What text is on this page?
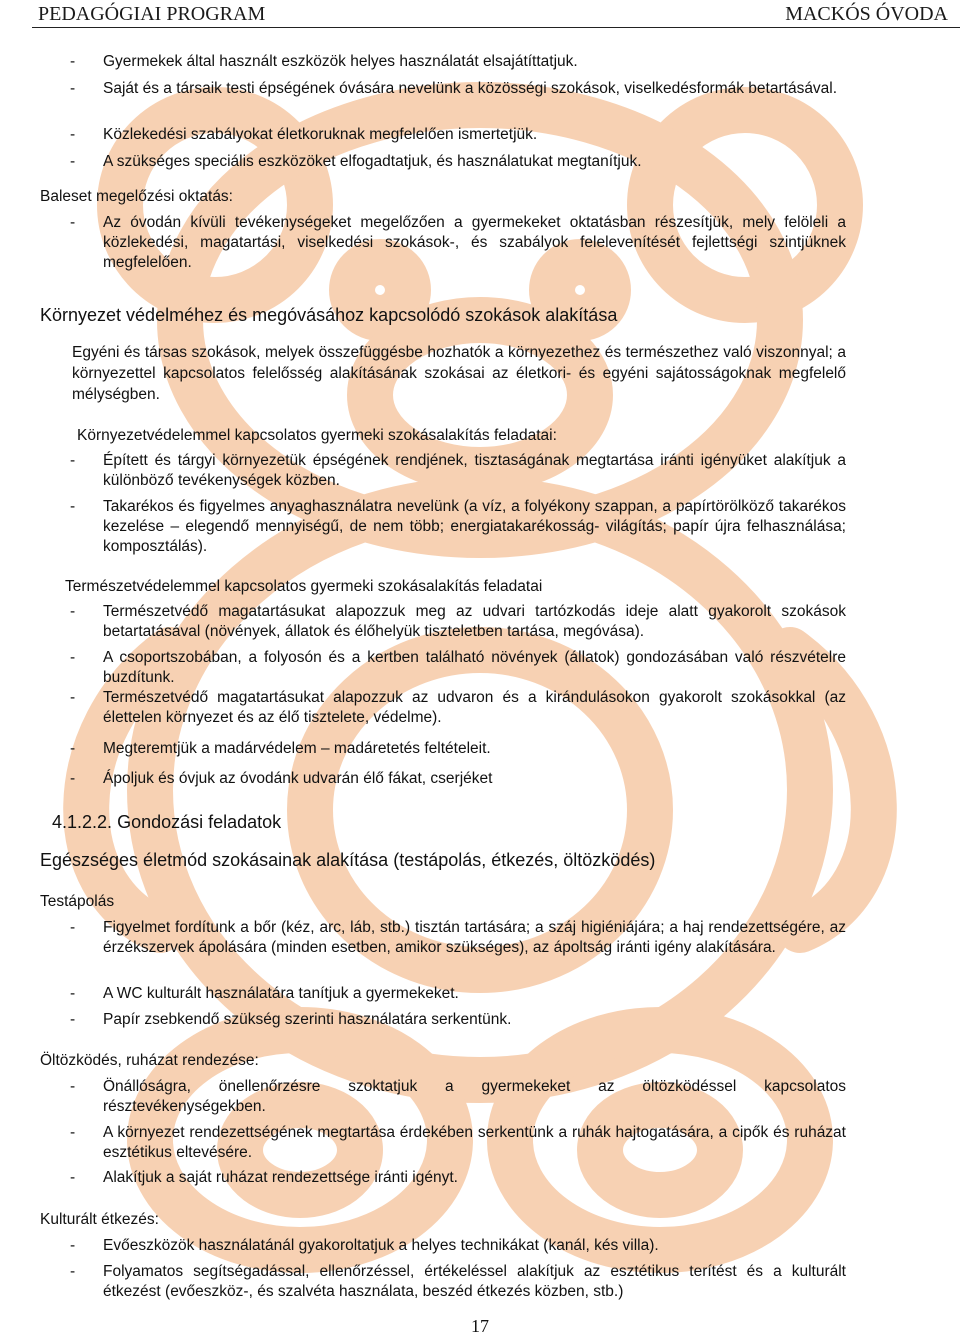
PEDAGÓGIAI PROGRAM	MACKÓS ÓVODA
- Gyermekek által használt eszközök helyes használatát elsajátíttatjuk.
- Saját és a társaik testi épségének óvására nevelünk a közösségi szokások, viselkedésformák betartásával.
- Közlekedési szabályokat életkoruknak megfelelően ismertetjük.
- A szükséges speciális eszközöket elfogadtatjuk, és használatukat megtanítjuk.
Baleset megelőzési oktatás:
- Az óvodán kívüli tevékenységeket megelőzően a gyermekeket oktatásban részesítjük, mely felöleli a közlekedési, magatartási, viselkedési szokások-, és szabályok felelevenítését fejlettségi szintjüknek megfelelően.
Környezet védelméhez és megóvásához kapcsolódó szokások alakítása
Egyéni és társas szokások, melyek összefüggésbe hozhatók a környezethez és természethez való viszonnyal; a környezettel kapcsolatos felelősség alakításának szokásai az életkori- és egyéni sajátosságoknak megfelelő mélységben.
Környezetvédelemmel kapcsolatos gyermeki szokásalakítás feladatai:
- Épített és tárgyi környezetük épségének rendjének, tisztaságának megtartása iránti igényüket alakítjuk a különböző tevékenységek közben.
- Takarékos és figyelmes anyaghasználatra nevelünk (a víz, a folyékony szappan, a papírtörölköző takarékos kezelése – elegendő mennyiségű, de nem több; energiatakarékosság- világítás; papír újra felhasználása; komposztálás).
Természetvédelemmel kapcsolatos gyermeki szokásalakítás feladatai
- Természetvédő magatartásukat alapozzuk meg az udvari tartózkodás ideje alatt gyakorolt szokások betartatásával (növények, állatok és élőhelyük tiszteletben tartása, megóvása).
- A csoportszobában, a folyosón és a kertben található növények (állatok) gondozásában való részvételre buzdítunk.
- Természetvédő magatartásukat alapozzuk az udvaron és a kirándulásokon gyakorolt szokásokkal (az élettelen környezet és az élő tisztelete, védelme).
- Megteremtjük a madárvédelem – madáretetés feltételeit.
- Ápoljuk és óvjuk az óvodánk udvarán élő fákat, cserjéket
4.1.2.2. Gondozási feladatok
Egészséges életmód szokásainak alakítása (testápolás, étkezés, öltözködés)
Testápolás
- Figyelmet fordítunk a bőr (kéz, arc, láb, stb.) tisztán tartására; a száj higiéniájára; a haj rendezettségére, az érzékszervek ápolására (minden esetben, amikor szükséges), az ápoltság iránti igény alakítására.
- A WC kulturált használatára tanítjuk a gyermekeket.
- Papír zsebkendő szükség szerinti használatára serkentünk.
Öltözködés, ruházat rendezése:
- Önállóságra, önellenőrzésre szoktatjuk a gyermekeket az öltözködéssel kapcsolatos résztevékenységekben.
- A környezet rendezettségének megtartása érdekében serkentünk a ruhák hajtogatására, a cipők és ruházat esztétikus eltevésére.
- Alakítjuk a saját ruházat rendezettsége iránti igényt.
Kulturált étkezés:
- Evőeszközök használatánál gyakoroltatjuk a helyes technikákat (kanál, kés villa).
- Folyamatos segítségadással, ellenőrzéssel, értékeléssel alakítjuk az esztétikus terítést és a kulturált étkezést (evőeszköz-, és szalvéta használata, beszéd étkezés közben, stb.)
17
